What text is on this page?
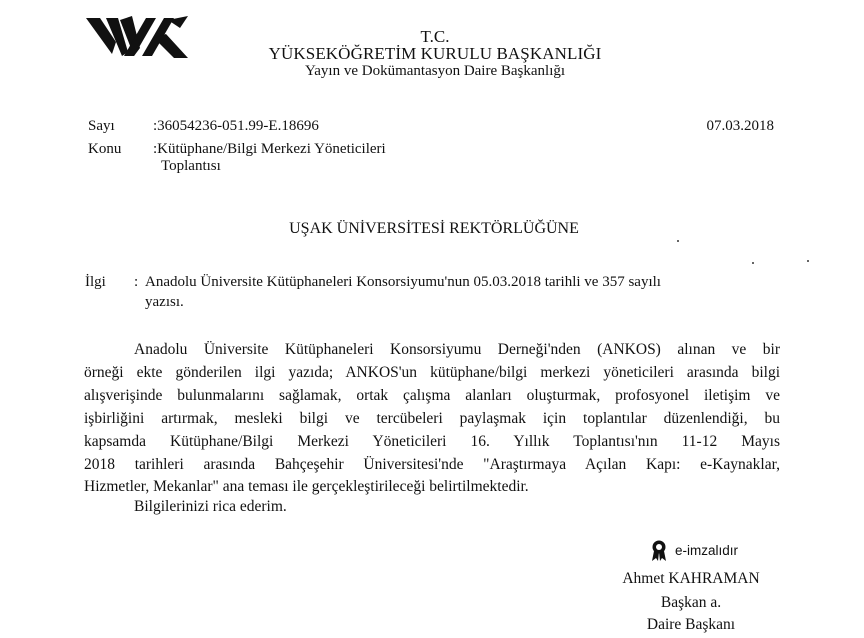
T.C.
YÜKSEKÖĞRETİM KURULU BAŞKANLIĞI
Yayın ve Dokümantasyon Daire Başkanlığı
Sayı	:36054236-051.99-E.18696	07.03.2018
Konu :Kütüphane/Bilgi Merkezi Yöneticileri
Toplantısı
UŞAK ÜNİVERSİTESİ REKTÖRLÜĞÜNE
İlgi : Anadolu Üniversite Kütüphaneleri Konsorsiyumu'nun 05.03.2018 tarihli ve 357 sayılı
yazısı.
Anadolu Üniversite Kütüphaneleri Konsorsiyumu Derneği'nden (ANKOS) alınan ve bir
örneği ekte gönderilen ilgi yazıda; ANKOS'un kütüphane/bilgi merkezi yöneticileri arasında bilgi
alışverişinde bulunmalarını sağlamak, ortak çalışma alanları oluşturmak, profosyonel iletişim ve
işbirliğini artırmak, mesleki bilgi ve tercübeleri paylaşmak için toplantılar düzenlendiği, bu
kapsamda Kütüphane/Bilgi Merkezi Yöneticileri 16. Yıllık Toplantısı'nın 11-12 Mayıs
2018 tarihleri arasında Bahçeşehir Üniversitesi'nde "Araştırmaya Açılan Kapı: e-Kaynaklar,
Hizmetler, Mekanlar" ana teması ile gerçekleştirileceği belirtilmektedir.
Bilgilerinizi rica ederim.
e-imzalıdır
Ahmet KAHRAMAN
Başkan a.
Daire Başkanı
